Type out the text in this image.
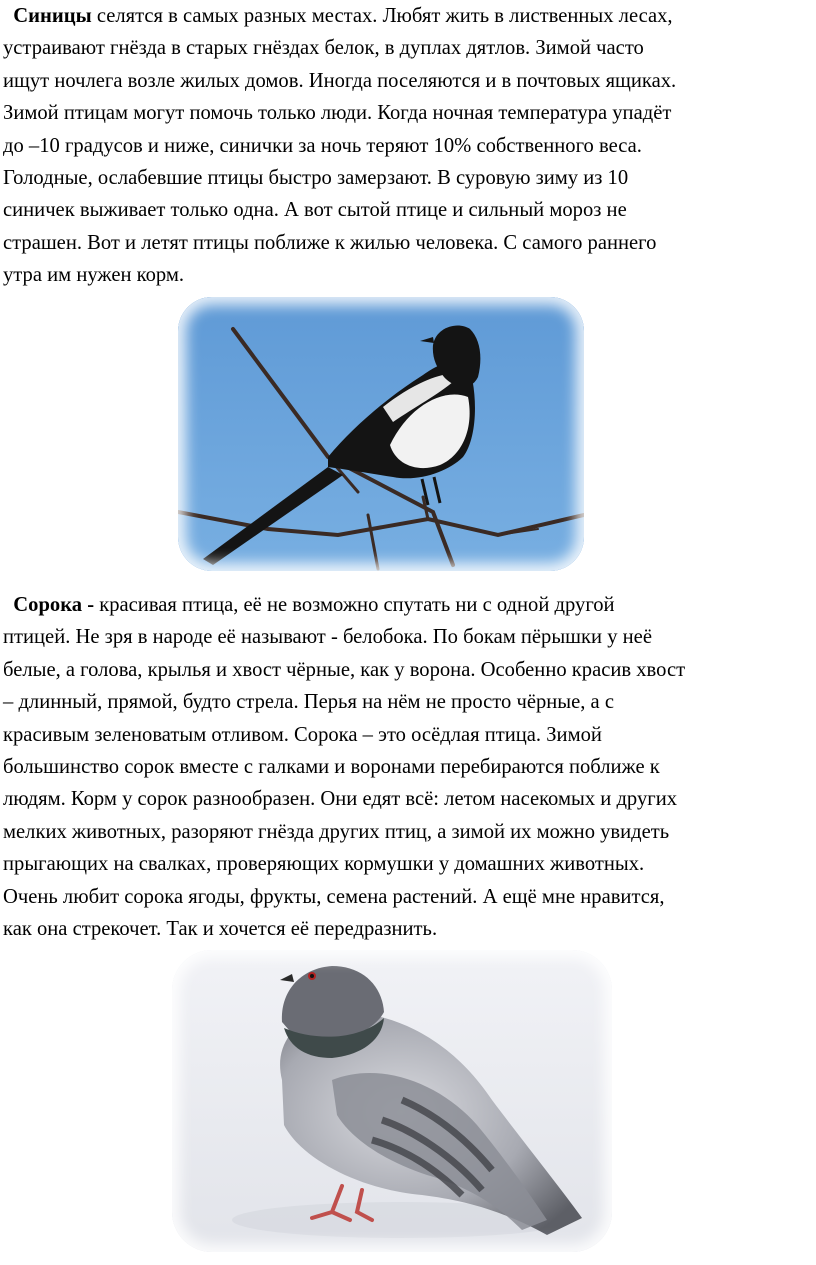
Синицы селятся в самых разных местах. Любят жить в лиственных лесах,
устраивают гнёзда в старых гнёздах белок, в дуплах дятлов. Зимой часто
ищут ночлега возле жилых домов. Иногда поселяются и в почтовых ящиках.
Зимой птицам могут помочь только люди. Когда ночная температура упадёт
до –10 градусов и ниже, синички за ночь теряют 10% собственного веса.
Голодные, ослабевшие птицы быстро замерзают. В суровую зиму из 10
синичек выживает только одна. А вот сытой птице и сильный мороз не
страшен. Вот и летят птицы поближе к жилью человека. С самого раннего
утра им нужен корм.

Сорока - красивая птица, её не возможно спутать ни с одной другой
птицей. Не зря в народе её называют - белобока. По бокам пёрышки у неё
белые, а голова, крылья и хвост чёрные, как у ворона. Особенно красив хвост
– длинный, прямой, будто стрела. Перья на нём не просто чёрные, а с
красивым зеленоватым отливом. Сорока – это осёдлая птица. Зимой
большинство сорок вместе с галками и воронами перебираются поближе к
людям. Корм у сорок разнообразен. Они едят всё: летом насекомых и других
мелких животных, разоряют гнёзда других птиц, а зимой их можно увидеть
прыгающих на свалках, проверяющих кормушки у домашних животных.
Очень любит сорока ягоды, фрукты, семена растений. А ещё мне нравится,
как она стрекочет. Так и хочется её передразнить.
